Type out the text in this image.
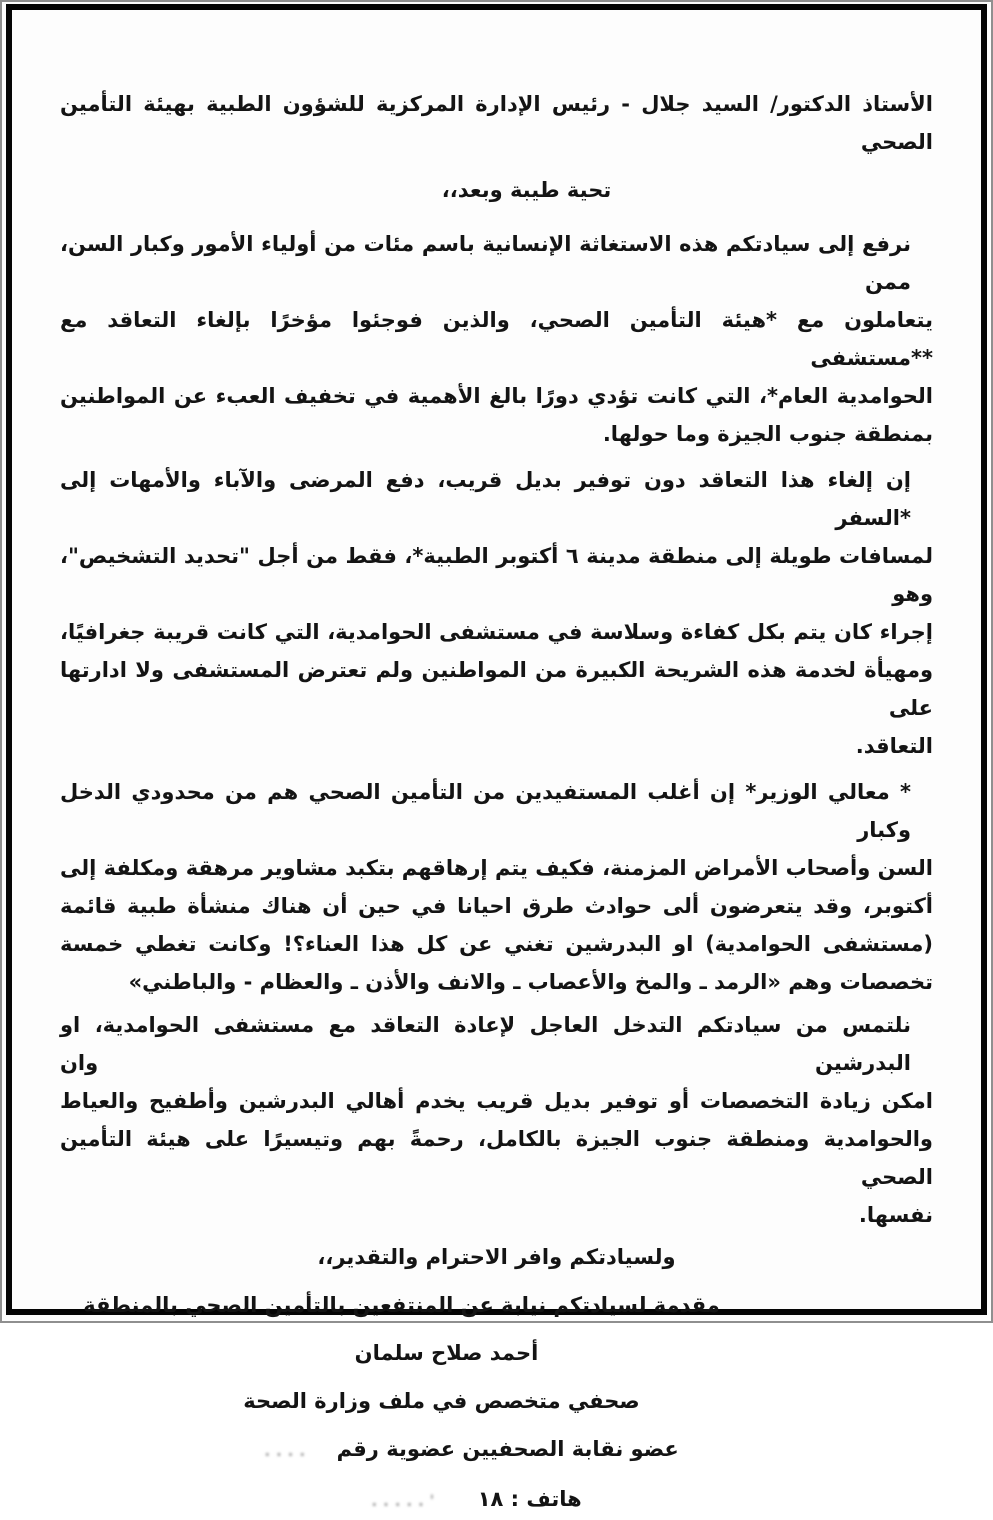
الأستاذ الدكتور/ السيد جلال - رئيس الإدارة المركزية للشؤون الطبية بهيئة التأمين الصحي
تحية طيبة وبعد،،
نرفع إلى سيادتكم هذه الاستغاثة الإنسانية باسم مئات من أولياء الأمور وكبار السن، ممن
يتعاملون مع *هيئة التأمين الصحي، والذين فوجئوا مؤخرًا بإلغاء التعاقد مع **مستشفى
الحوامدية العام*، التي كانت تؤدي دورًا بالغ الأهمية في تخفيف العبء عن المواطنين
بمنطقة جنوب الجيزة وما حولها.
إن إلغاء هذا التعاقد دون توفير بديل قريب، دفع المرضى والآباء والأمهات إلى *السفر
لمسافات طويلة إلى منطقة مدينة ٦ أكتوبر الطبية*، فقط من أجل "تحديد التشخيص"، وهو
إجراء كان يتم بكل كفاءة وسلاسة في مستشفى الحوامدية، التي كانت قريبة جغرافيًا،
ومهيأة لخدمة هذه الشريحة الكبيرة من المواطنين ولم تعترض المستشفى ولا ادارتها على
التعاقد.
* معالي الوزير* إن أغلب المستفيدين من التأمين الصحي هم من محدودي الدخل وكبار
السن وأصحاب الأمراض المزمنة، فكيف يتم إرهاقهم بتكبد مشاوير مرهقة ومكلفة إلى
أكتوبر، وقد يتعرضون ألى حوادث طرق احيانا في حين أن هناك منشأة طبية قائمة
(مستشفى الحوامدية) او البدرشين تغني عن كل هذا العناء؟! وكانت تغطي خمسة
تخصصات وهم «الرمد ـ والمخ والأعصاب ـ والانف والأذن ـ والعظام - والباطني»
نلتمس من سيادتكم التدخل العاجل لإعادة التعاقد مع مستشفى الحوامدية، او البدرشين وان
امكن زيادة التخصصات أو توفير بديل قريب يخدم أهالي البدرشين وأطفيح والعياط
والحوامدية ومنطقة جنوب الجيزة بالكامل، رحمةً بهم وتيسيرًا على هيئة التأمين الصحي
نفسها.
ولسيادتكم وافر الاحترام والتقدير،،
مقدمة لسيادتكم نيابة عن المنتفعين بالتأمين الصحي بالمنطقة
أحمد صلاح سلمان
صحفي متخصص في ملف وزارة الصحة
عضو نقابة الصحفيين عضوية رقم . . . .
هاتف : ١٨ ' . . . . .
